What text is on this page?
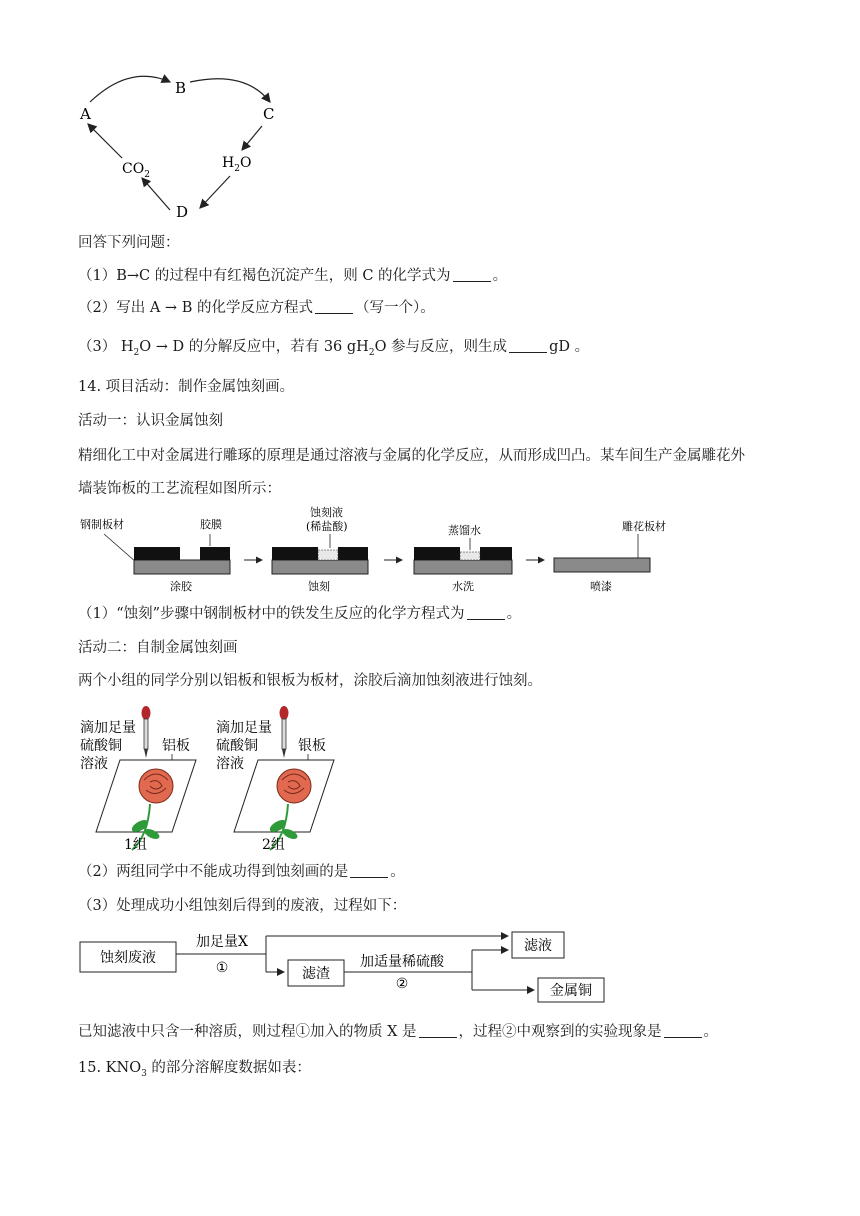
A
B
C
D
$CO_2$
$H_2O$
回答下列问题：
（1）B→C 的过程中有红褐色沉淀产生，则 C 的化学式为	。
（2）写出 A → B 的化学反应方程式	（写一个）。
（3） $H_2O \to D$ 的分解反应中，若有 36 $gH_2O$ 参与反应，则生成	gD 。
14. 项目活动：制作金属蚀刻画。
活动一：认识金属蚀刻
精细化工中对金属进行雕琢的原理是通过溶液与金属的化学反应，从而形成凹凸。某车间生产金属雕花外
墙装饰板的工艺流程如图所示：
钢制板材	胶膜
涂胶
蚀刻液
(稀盐酸)
蚀刻
蒸馏水
水洗
雕花板材
喷漆
（1）“蚀刻”步骤中钢制板材中的铁发生反应的化学方程式为	。
活动二：自制金属蚀刻画
两个小组的同学分别以铝板和银板为板材，涂胶后滴加蚀刻液进行蚀刻。
滴加足量
硫酸铜
溶液
铝板
1组
滴加足量
硫酸铜
溶液
银板
2组
（2）两组同学中不能成功得到蚀刻画的是	。
（3）处理成功小组蚀刻后得到的废液，过程如下：
蚀刻废液
加足量X
①	滤渣
加适量稀硫酸
②
滤液
金属铜
已知滤液中只含一种溶质，则过程①加入的物质 X 是	，过程②中观察到的实验现象是	。
15. $KNO_3$ 的部分溶解度数据如表：
